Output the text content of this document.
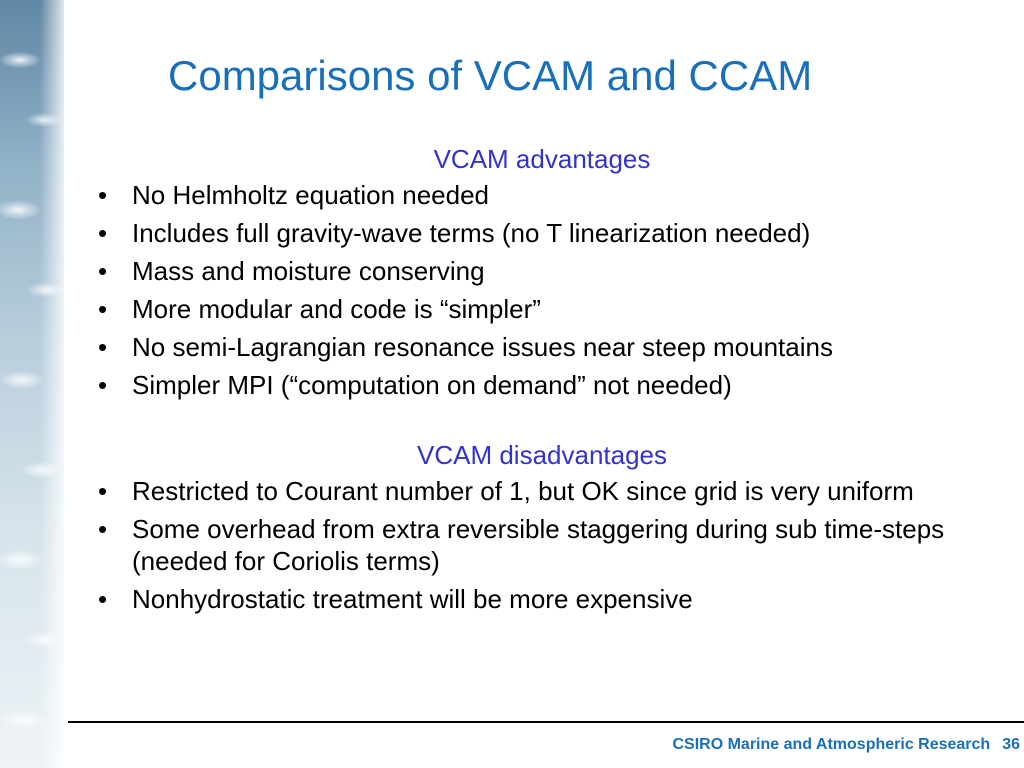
Comparisons of VCAM and CCAM

VCAM advantages

• No Helmholtz equation needed
• Includes full gravity-wave terms (no T linearization needed)
• Mass and moisture conserving
• More modular and code is “simpler”
• No semi-Lagrangian resonance issues near steep mountains
• Simpler MPI (“computation on demand” not needed)

VCAM disadvantages

• Restricted to Courant number of 1, but OK since grid is very uniform
• Some overhead from extra reversible staggering during sub time-steps (needed for Coriolis terms)
• Nonhydrostatic treatment will be more expensive
CSIRO Marine and Atmospheric Research 36
